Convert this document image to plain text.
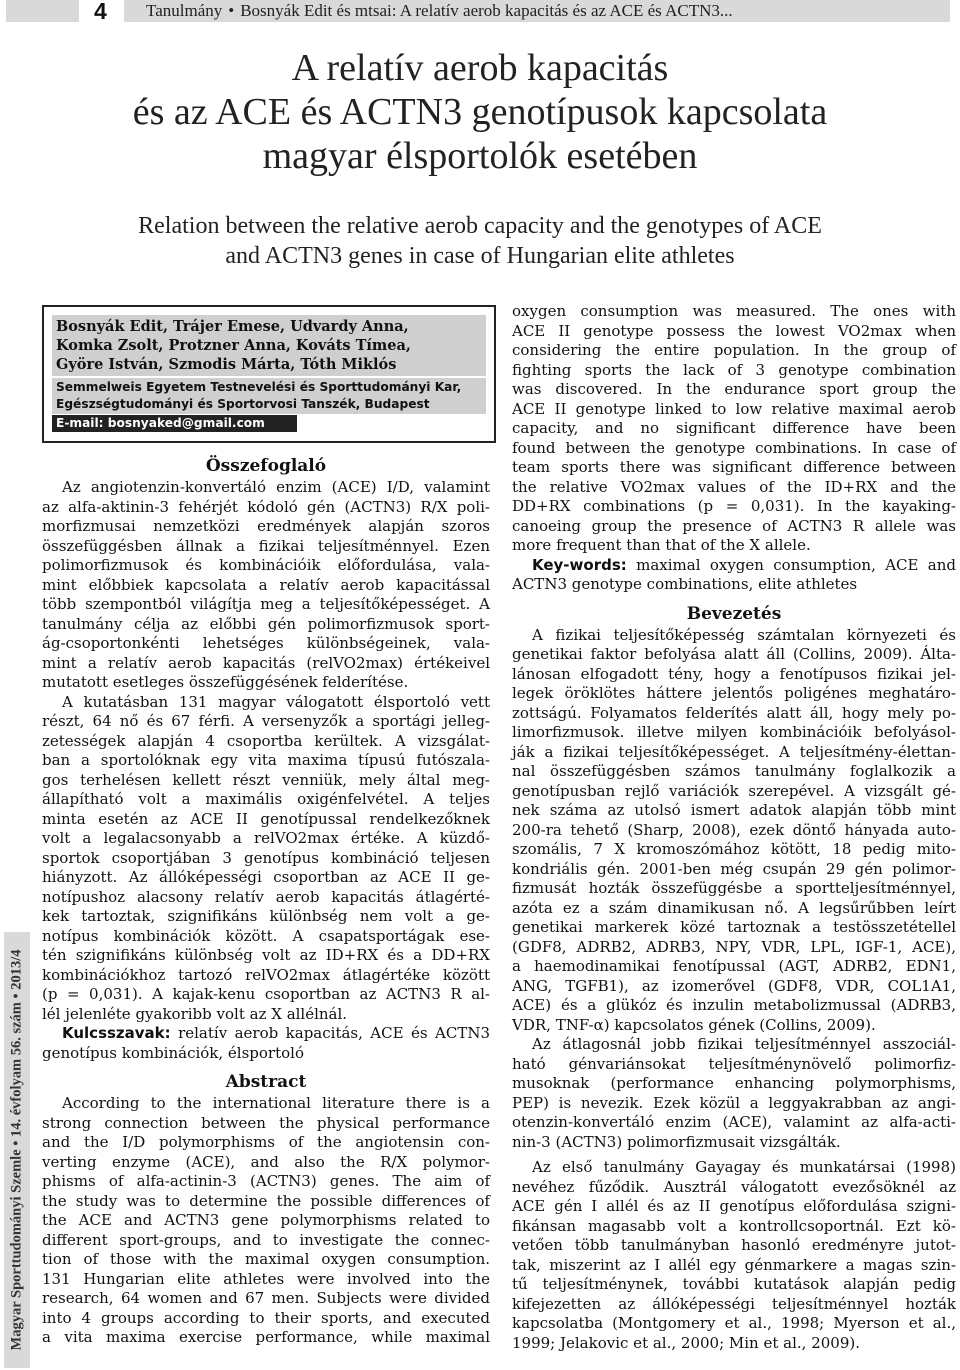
4	Tanulmány • Bosnyák Edit és mtsai: A relatív aerob kapacitás és az ACE és ACTN3...
A relatív aerob kapacitás
és az ACE és ACTN3 genotípusok kapcsolata
magyar élsportolók esetében
Relation between the relative aerob capacity and the genotypes of ACE
and ACTN3 genes in case of Hungarian elite athletes
Bosnyák Edit, Trájer Emese, Udvardy Anna,
Komka Zsolt, Protzner Anna, Kováts Tímea,
Györe István, Szmodis Márta, Tóth Miklós
Semmelweis Egyetem Testnevelési és Sporttudományi Kar,
Egészségtudományi és Sportorvosi Tanszék, Budapest
E-mail: bosnyaked@gmail.com
Magyar Sporttudományi Szemle • 14. évfolyam 56. szám • 2013/4
Összefoglaló

Az angiotenzin-konvertáló enzim (ACE) I/D, valamint
az alfa-aktinin-3 fehérjét kódoló gén (ACTN3) R/X poli-
morfizmusai nemzetközi eredmények alapján szoros
összefüggésben állnak a fizikai teljesítménnyel. Ezen
polimorfizmusok és kombinációik előfordulása, vala-
mint előbbiek kapcsolata a relatív aerob kapacitással
több szempontból világítja meg a teljesítőképességet. A
tanulmány célja az előbbi gén polimorfizmusok sport-
ág-csoportonkénti lehetséges különbségeinek, vala-
mint a relatív aerob kapacitás (relVO2max) értékeivel
mutatott esetleges összefüggésének felderítése.

A kutatásban 131 magyar válogatott élsportoló vett
részt, 64 nő és 67 férfi. A versenyzők a sportági jelleg-
zetességek alapján 4 csoportba kerültek. A vizsgálat-
ban a sportolóknak egy vita maxima típusú futószala-
gos terhelésen kellett részt venniük, mely által meg-
állapítható volt a maximális oxigénfelvétel. A teljes
minta esetén az ACE II genotípussal rendelkezőknek
volt a legalacsonyabb a relVO2max értéke. A küzdő-
sportok csoportjában 3 genotípus kombináció teljesen
hiányzott. Az állóképességi csoportban az ACE II ge-
notípushoz alacsony relatív aerob kapacitás átlagérté-
kek tartoztak, szignifikáns különbség nem volt a ge-
notípus kombinációk között. A csapatsportágak ese-
tén szignifikáns különbség volt az ID+RX és a DD+RX
kombinációkhoz tartozó relVO2max átlagértéke között
(p = 0,031). A kajak-kenu csoportban az ACTN3 R al-
lél jelenléte gyakoribb volt az X allélnál.

Kulcsszavak: relatív aerob kapacitás, ACE és ACTN3
genotípus kombinációk, élsportoló

Abstract

According to the international literature there is a
strong connection between the physical performance
and the I/D polymorphisms of the angiotensin con-
verting enzyme (ACE), and also the R/X polymor-
phisms of alfa-actinin-3 (ACTN3) genes. The aim of
the study was to determine the possible differences of
the ACE and ACTN3 gene polymorphisms related to
different sport-groups, and to investigate the connec-
tion of those with the maximal oxygen consumption.
131 Hungarian elite athletes were involved into the
research, 64 women and 67 men. Subjects were divided
into 4 groups according to their sports, and executed
a vita maxima exercise performance, while maximal

oxygen consumption was measured. The ones with
ACE II genotype possess the lowest VO2max when
considering the entire population. In the group of
fighting sports the lack of 3 genotype combination
was discovered. In the endurance sport group the
ACE II genotype linked to low relative maximal aerob
capacity, and no significant difference have been
found between the genotype combinations. In case of
team sports there was significant difference between
the relative VO2max values of the ID+RX and the
DD+RX combinations (p = 0,031). In the kayaking-
canoeing group the presence of ACTN3 R allele was
more frequent than that of the X allele.

Key-words: maximal oxygen consumption, ACE and
ACTN3 genotype combinations, elite athletes

Bevezetés

A fizikai teljesítőképesség számtalan környezeti és
genetikai faktor befolyása alatt áll (Collins, 2009). Álta-
lánosan elfogadott tény, hogy a fenotípusos fizikai jel-
legek öröklötes háttere jelentős poligénes meghatáro-
zottságú. Folyamatos felderítés alatt áll, hogy mely po-
limorfizmusok. illetve milyen kombinációik befolyásol-
ják a fizikai teljesítőképességet. A teljesítmény-élettan-
nal összefüggésben számos tanulmány foglalkozik a
genotípusban rejlő variációk szerepével. A vizsgált gé-
nek száma az utolsó ismert adatok alapján több mint
200-ra tehető (Sharp, 2008), ezek döntő hányada auto-
szomális, 7 X kromoszómához kötött, 18 pedig mito-
kondriális gén. 2001-ben még csupán 29 gén polimor-
fizmusát hozták összefüggésbe a sportteljesítménnyel,
azóta ez a szám dinamikusan nő. A legsűrűbben leírt
genetikai markerek közé tartoznak a testösszetétellel
(GDF8, ADRB2, ADRB3, NPY, VDR, LPL, IGF-1, ACE),
a haemodinamikai fenotípussal (AGT, ADRB2, EDN1,
ANG, TGFB1), az izomerővel (GDF8, VDR, COL1A1,
ACE) és a glükóz és inzulin metabolizmussal (ADRB3,
VDR, TNF-α) kapcsolatos gének (Collins, 2009).

Az átlagosnál jobb fizikai teljesítménnyel asszociál-
ható génvariánsokat teljesítménynövelő polimorfiz-
musoknak (performance enhancing polymorphisms,
PEP) is nevezik. Ezek közül a leggyakrabban az angi-
otenzin-konvertáló enzim (ACE), valamint az alfa-acti-
nin-3 (ACTN3) polimorfizmusait vizsgálták.

Az első tanulmány Gayagay és munkatársai (1998)
nevéhez fűződik. Ausztrál válogatott evezősöknél az
ACE gén I allél és az II genotípus előfordulása szigni-
fikánsan magasabb volt a kontrollcsoportnál. Ezt kö-
vetően több tanulmányban hasonló eredményre jutot-
tak, miszerint az I allél egy génmarkere a magas szin-
tű teljesítménynek, további kutatások alapján pedig
kifejezetten az állóképességi teljesítménnyel hozták
kapcsolatba (Montgomery et al., 1998; Myerson et al.,
1999; Jelakovic et al., 2000; Min et al., 2009).
